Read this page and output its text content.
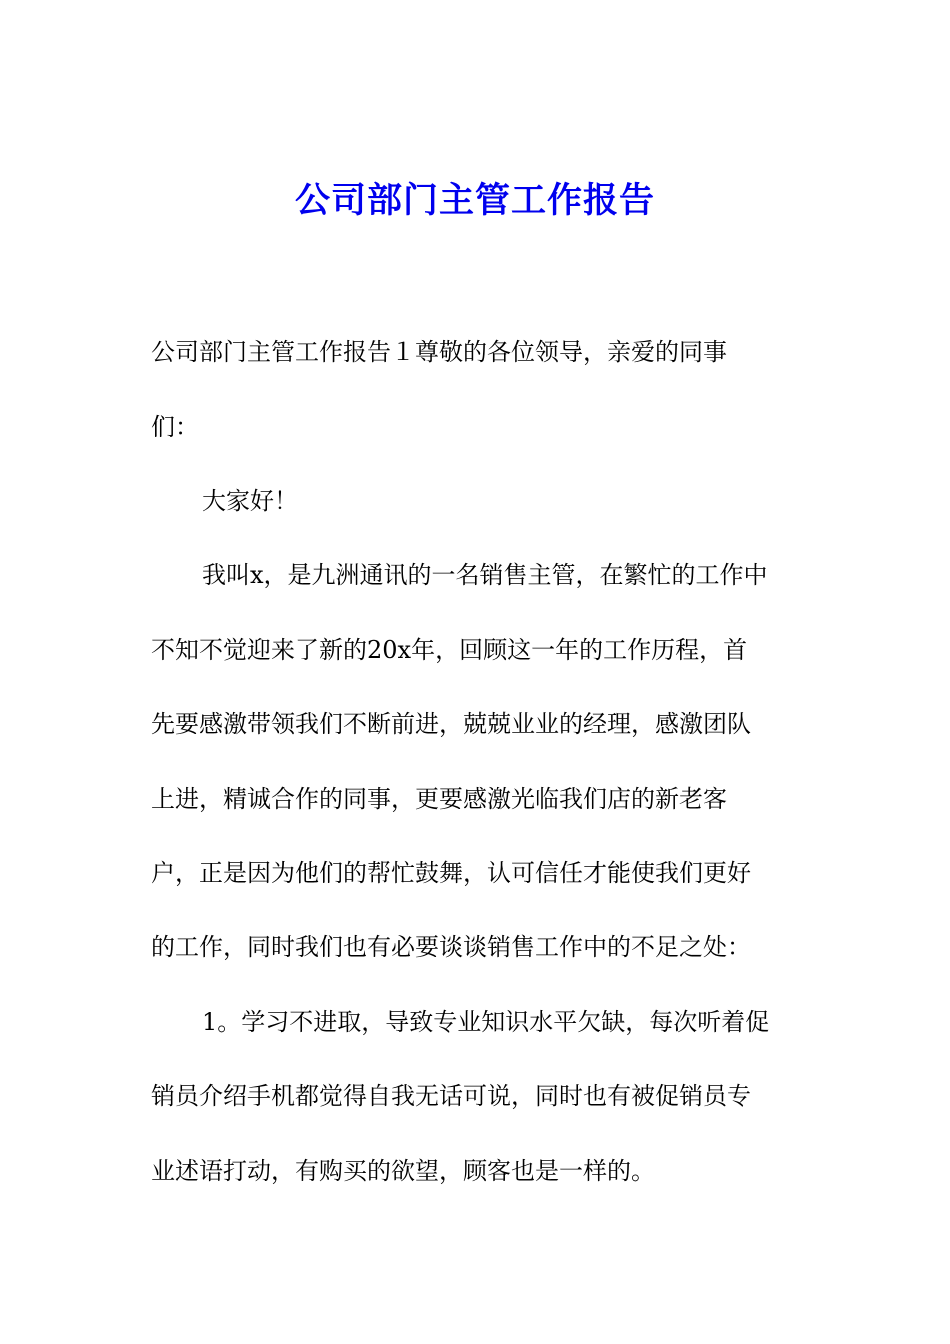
公司部门主管工作报告

公司部门主管工作报告１尊敬的各位领导，亲爱的同事

们：

大家好！

我叫x，是九洲通讯的一名销售主管，在繁忙的工作中

不知不觉迎来了新的20x年，回顾这一年的工作历程，首

先要感激带领我们不断前进，兢兢业业的经理，感激团队

上进，精诚合作的同事，更要感激光临我们店的新老客

户，正是因为他们的帮忙鼓舞，认可信任才能使我们更好

的工作，同时我们也有必要谈谈销售工作中的不足之处：

1。学习不进取，导致专业知识水平欠缺，每次听着促

销员介绍手机都觉得自我无话可说，同时也有被促销员专

业述语打动，有购买的欲望，顾客也是一样的。
